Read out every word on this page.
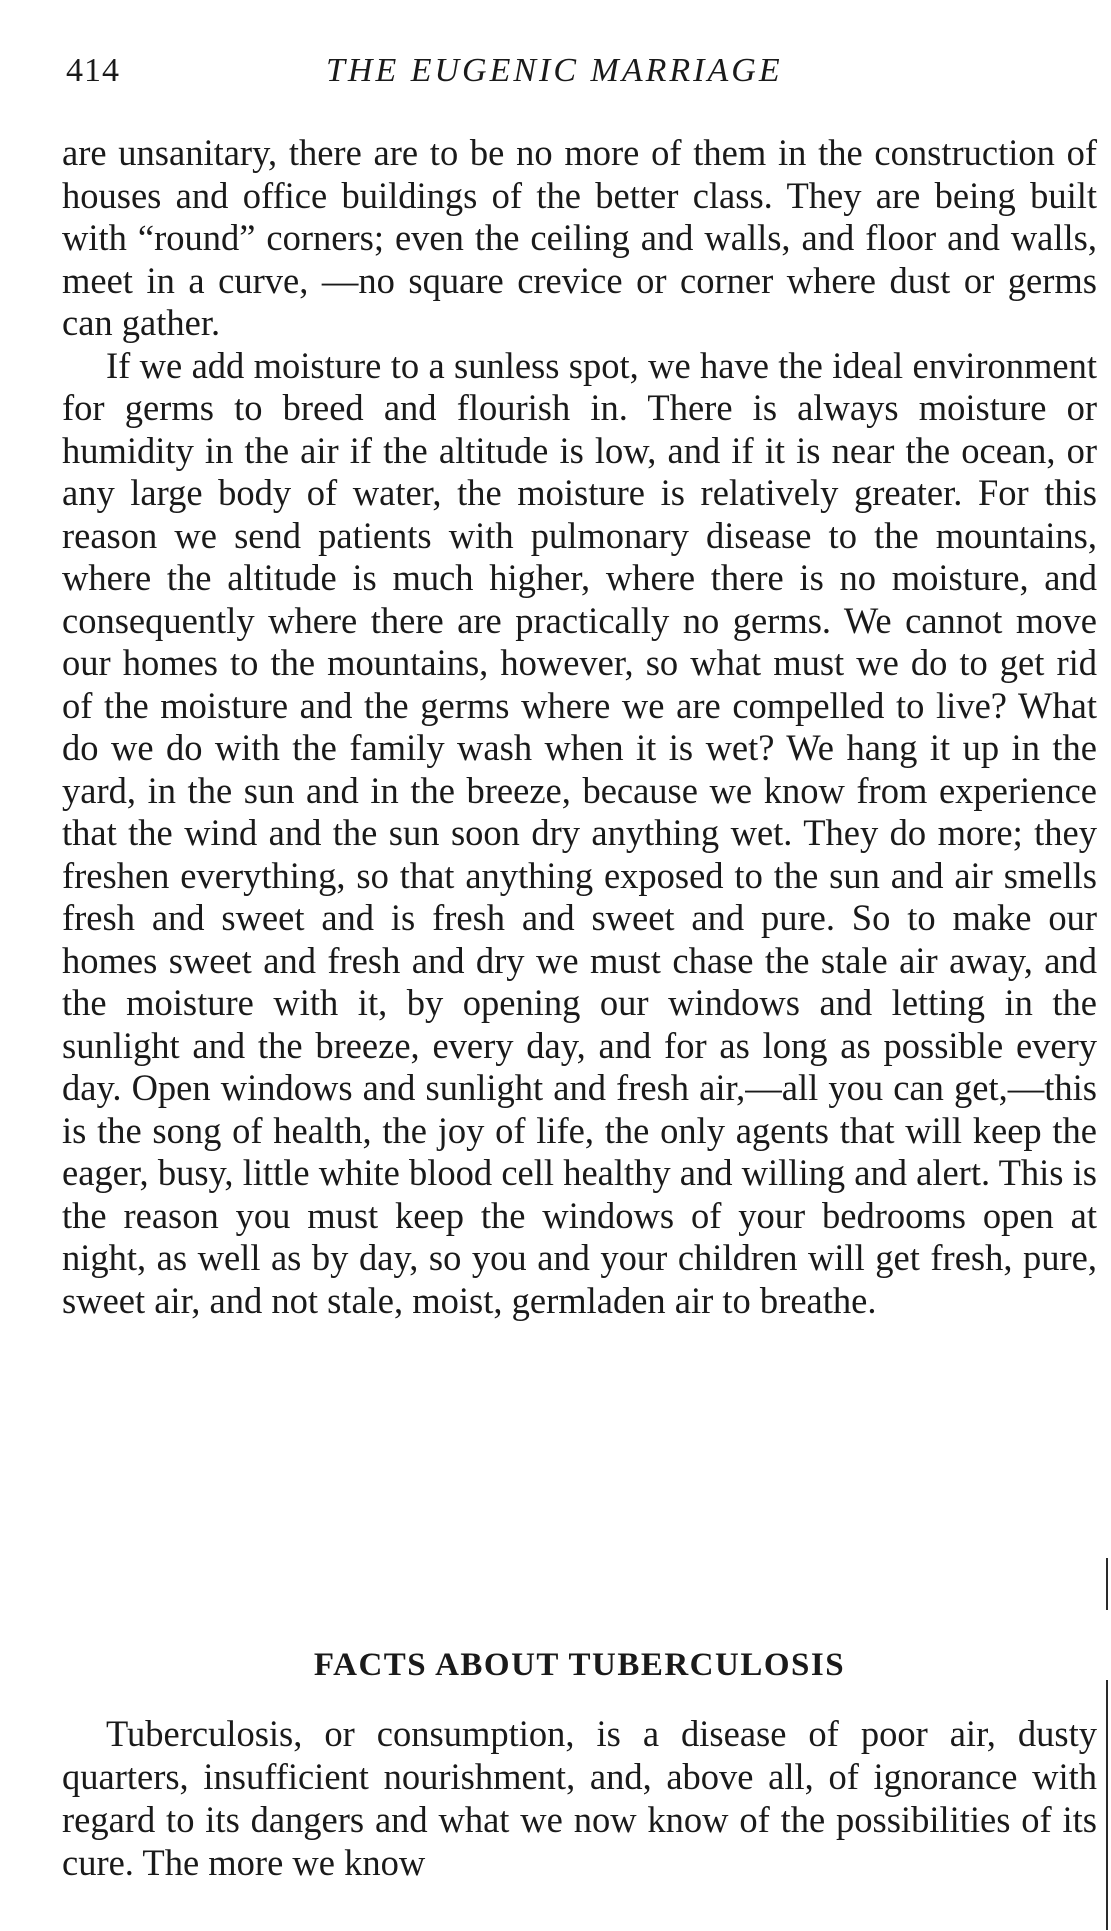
414	THE EUGENIC MARRIAGE

are unsanitary, there are to be no more of them in the construction of houses and office buildings of the better class. They are being built with “round” corners; even the ceiling and walls, and floor and walls, meet in a curve, —no square crevice or corner where dust or germs can gather.

If we add moisture to a sunless spot, we have the ideal environment for germs to breed and flourish in. There is always moisture or humidity in the air if the altitude is low, and if it is near the ocean, or any large body of water, the moisture is relatively greater. For this reason we send patients with pulmonary disease to the mountains, where the altitude is much higher, where there is no moisture, and consequently where there are practically no germs. We cannot move our homes to the mountains, however, so what must we do to get rid of the moisture and the germs where we are compelled to live? What do we do with the family wash when it is wet? We hang it up in the yard, in the sun and in the breeze, because we know from experience that the wind and the sun soon dry anything wet. They do more; they freshen everything, so that anything exposed to the sun and air smells fresh and sweet and is fresh and sweet and pure. So to make our homes sweet and fresh and dry we must chase the stale air away, and the moisture with it, by opening our windows and letting in the sunlight and the breeze, every day, and for as long as possible every day. Open windows and sunlight and fresh air,—all you can get,—this is the song of health, the joy of life, the only agents that will keep the eager, busy, little white blood cell healthy and willing and alert. This is the reason you must keep the windows of your bedrooms open at night, as well as by day, so you and your children will get fresh, pure, sweet air, and not stale, moist, germladen air to breathe.

FACTS ABOUT TUBERCULOSIS

Tuberculosis, or consumption, is a disease of poor air, dusty quarters, insufficient nourishment, and, above all, of ignorance with regard to its dangers and what we now know of the possibilities of its cure. The more we know
